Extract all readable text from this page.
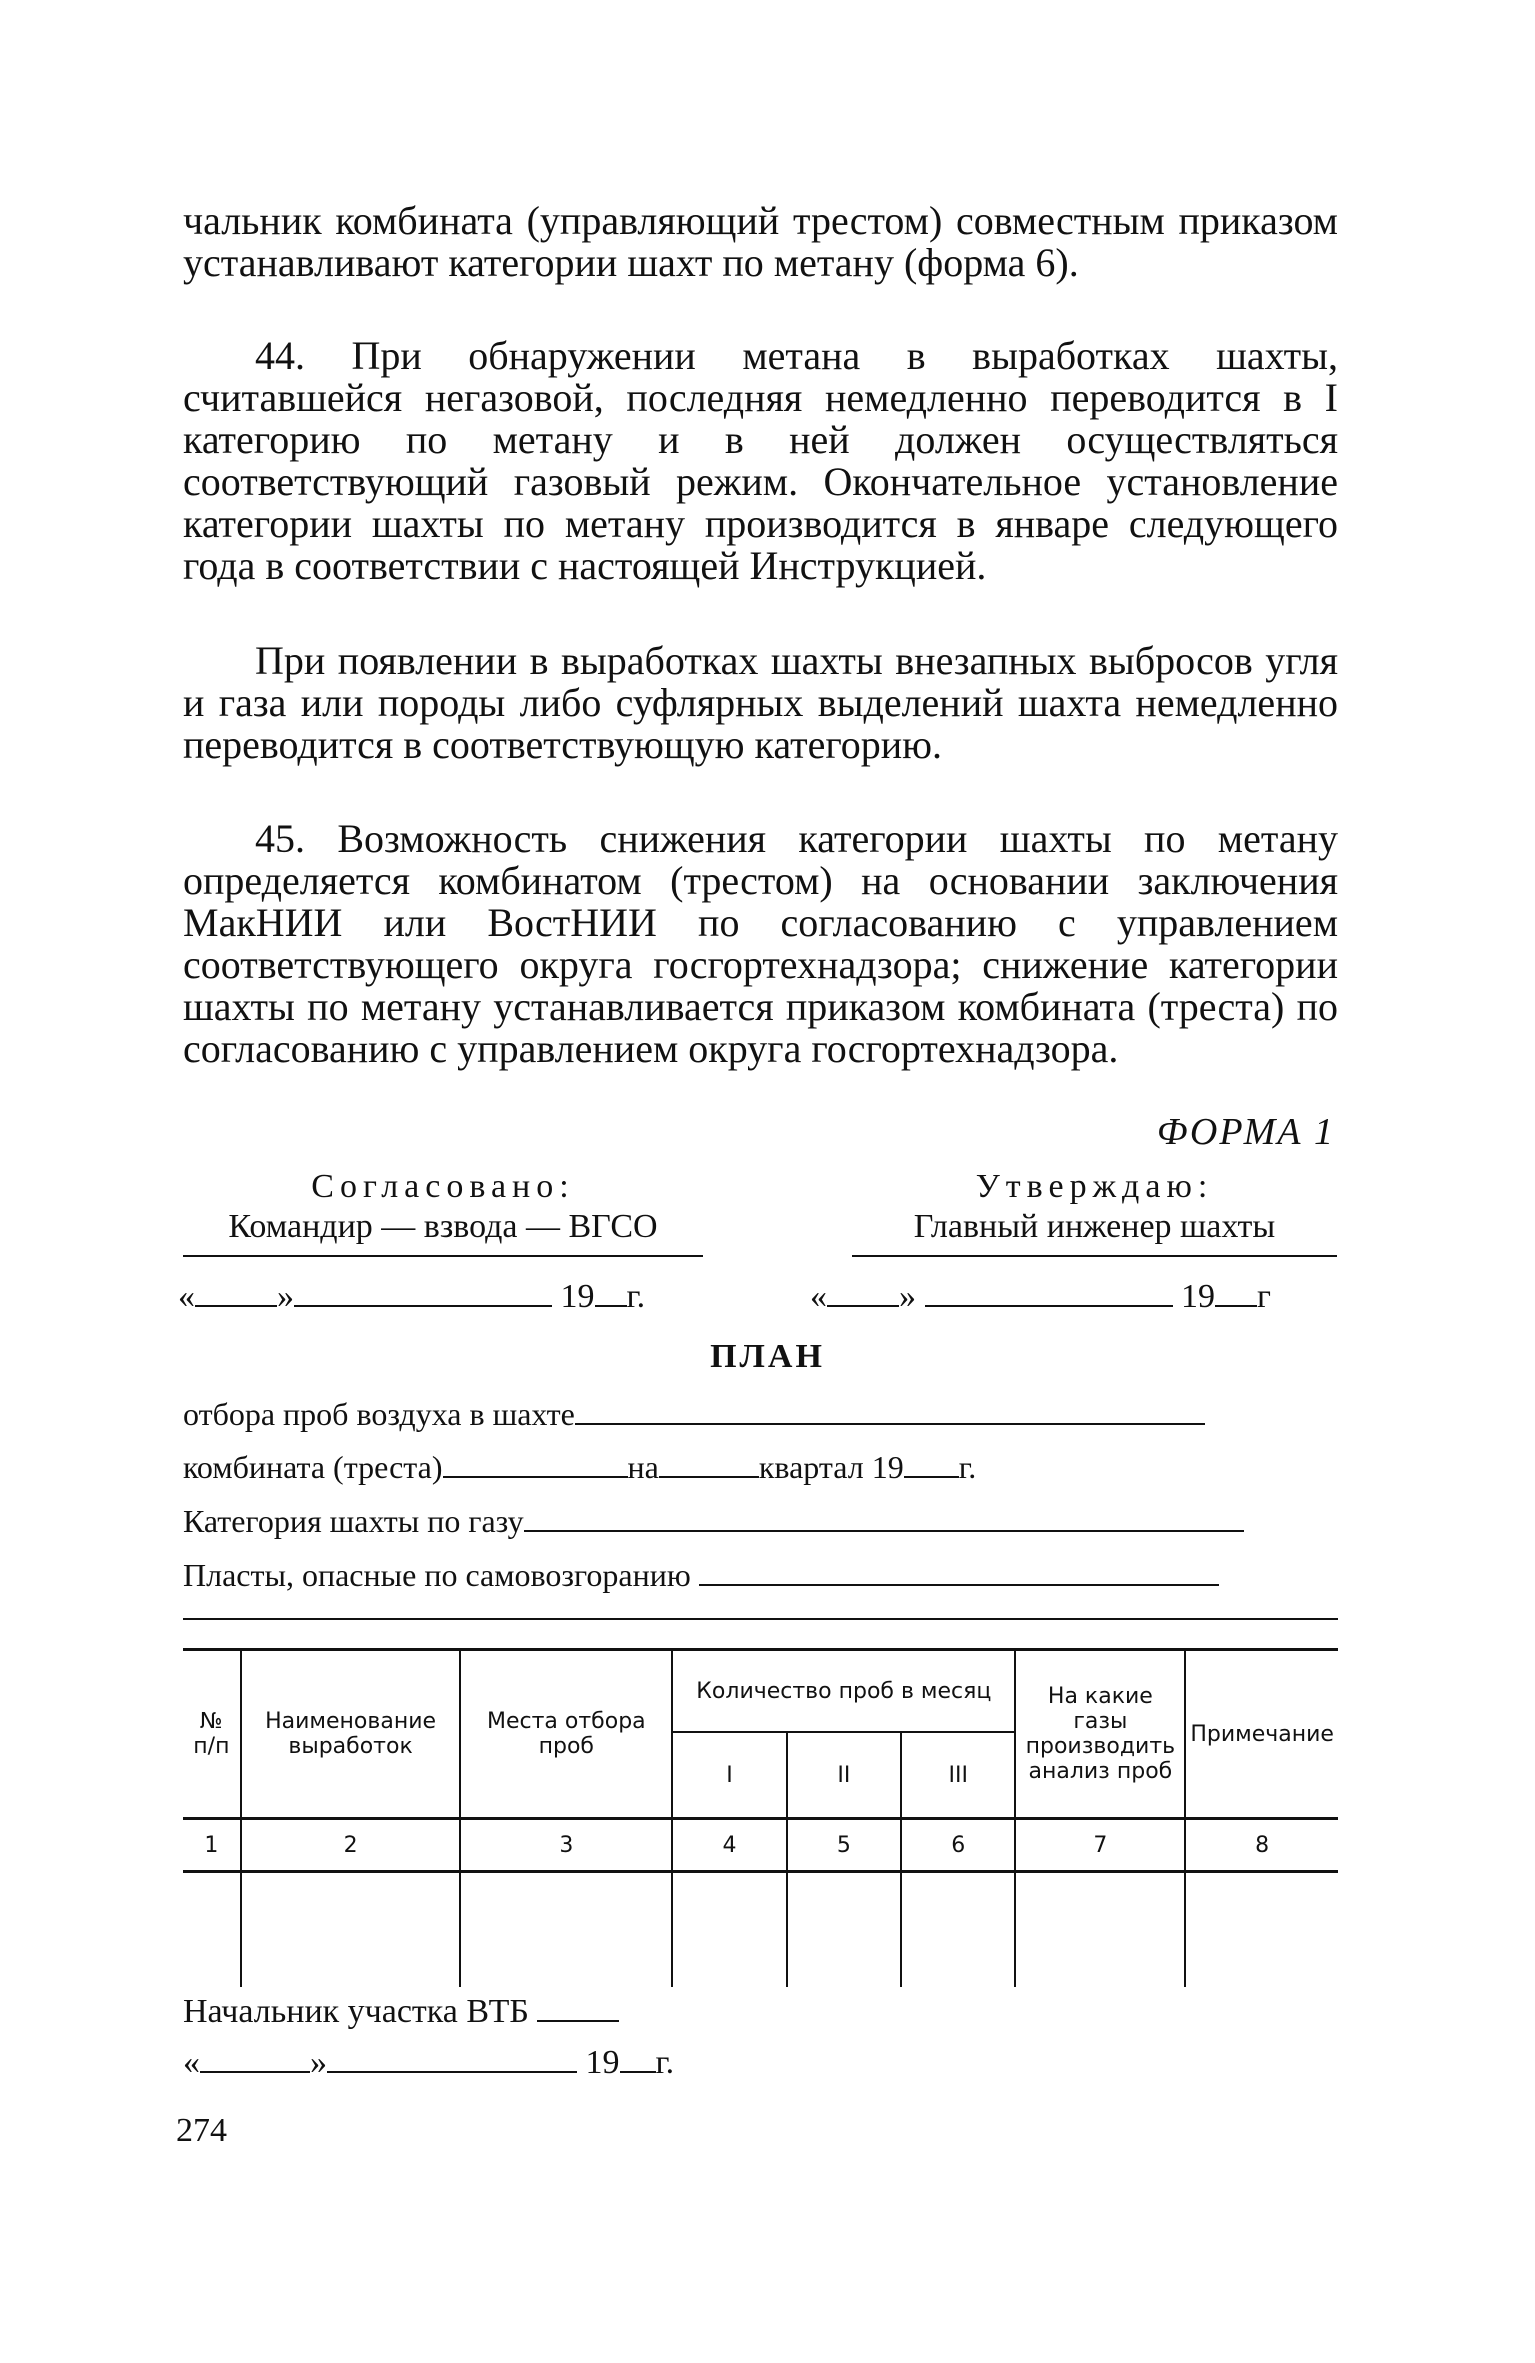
чальник комбината (управляющий трестом) совместным приказом устанавливают категории шахт по метану (форма 6).

44. При обнаружении метана в выработках шахты, считавшейся негазовой, последняя немедленно переводится в I категорию по метану и в ней должен осуществляться соответствующий газовый режим. Окончательное установление категории шахты по метану производится в январе следующего года в соответствии с настоящей Инструкцией.

При появлении в выработках шахты внезапных выбросов угля и газа или породы либо суфлярных выделений шахта немедленно переводится в соответствующую категорию.

45. Возможность снижения категории шахты по метану определяется комбинатом (трестом) на основании заключения МакНИИ или ВостНИИ по согласованию с управлением соответствующего округа госгортехнадзора; снижение категории шахты по метану устанавливается приказом комбината (треста) по согласованию с управлением округа госгортехнадзора.

ФОРМА 1
Согласовано:
Командир — взвода — ВГСО
Утверждаю:
Главный инженер шахты
« »	19 г.	« »	19 г
ПЛАН
отбора проб воздуха в шахте
комбината (треста)	на	квартал 19 г.
Категория шахты по газу
Пласты, опасные по самовозгоранию
№ п/п	Наименование выработок	Места отбора проб	Количество проб в месяц			На какие газы производить анализ проб	Примечание
			I	II	III		
1	2	3	4	5	6	7	8

Начальник участка ВТБ
«	»	19 г.
274
